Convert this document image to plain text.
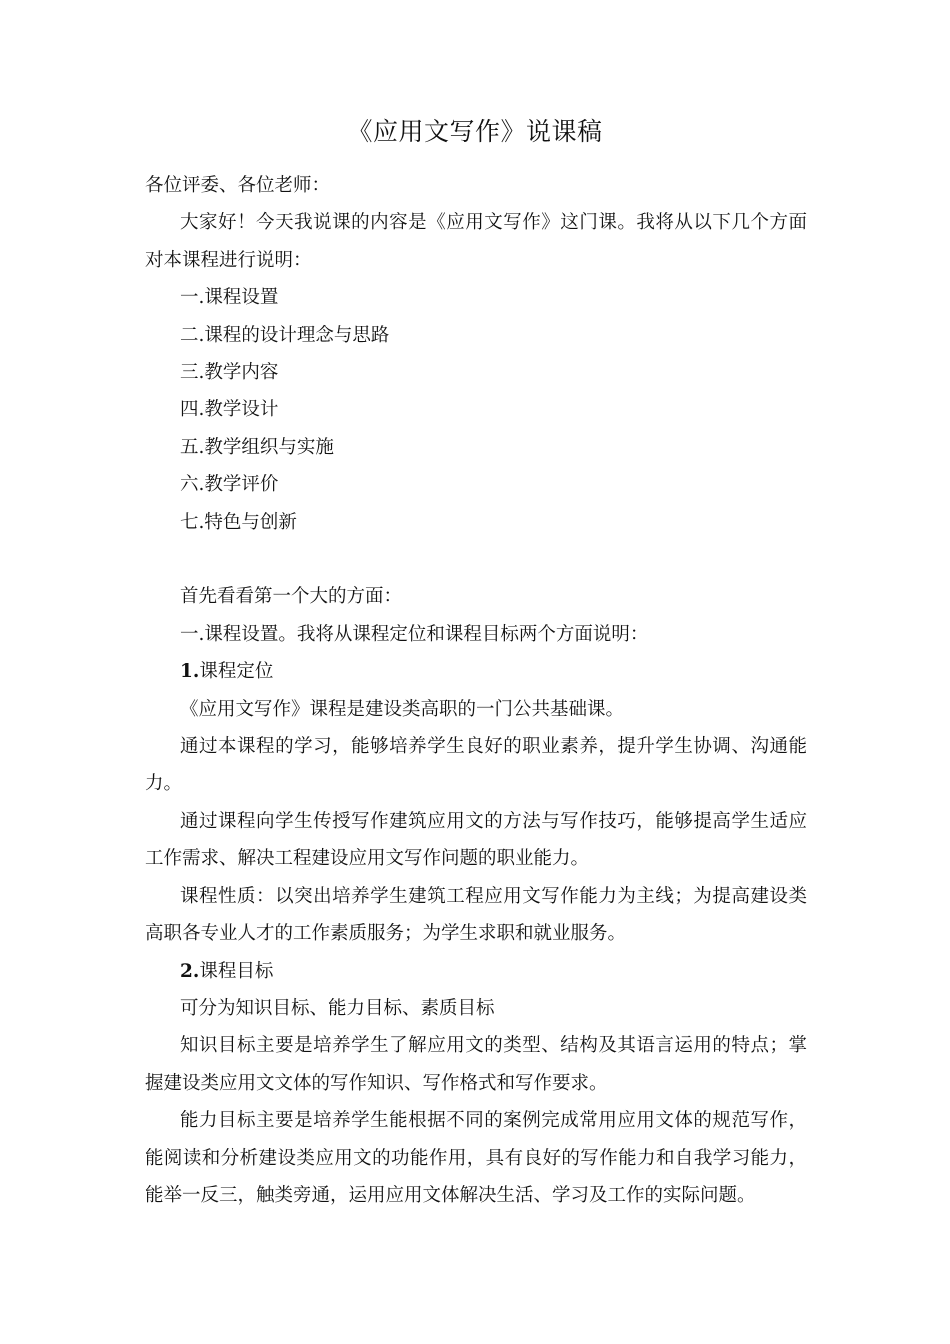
《应用文写作》说课稿

各位评委、各位老师：

大家好！今天我说课的内容是《应用文写作》这门课。我将从以下几个方面对本课程进行说明：

一.课程设置

二.课程的设计理念与思路

三.教学内容

四.教学设计

五.教学组织与实施

六.教学评价

七.特色与创新

首先看看第一个大的方面：

一.课程设置。我将从课程定位和课程目标两个方面说明：

1.课程定位

《应用文写作》课程是建设类高职的一门公共基础课。

通过本课程的学习，能够培养学生良好的职业素养，提升学生协调、沟通能力。

通过课程向学生传授写作建筑应用文的方法与写作技巧，能够提高学生适应工作需求、解决工程建设应用文写作问题的职业能力。

课程性质：以突出培养学生建筑工程应用文写作能力为主线；为提高建设类高职各专业人才的工作素质服务；为学生求职和就业服务。

2.课程目标

可分为知识目标、能力目标、素质目标

知识目标主要是培养学生了解应用文的类型、结构及其语言运用的特点；掌握建设类应用文文体的写作知识、写作格式和写作要求。

能力目标主要是培养学生能根据不同的案例完成常用应用文体的规范写作，能阅读和分析建设类应用文的功能作用，具有良好的写作能力和自我学习能力，能举一反三，触类旁通，运用应用文体解决生活、学习及工作的实际问题。
